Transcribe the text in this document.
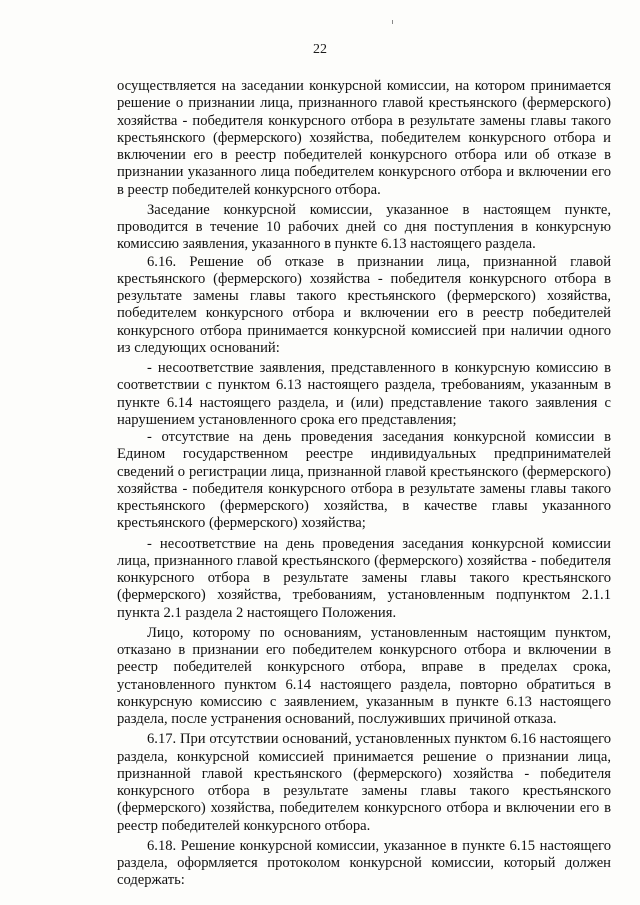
22

осуществляется на заседании конкурсной комиссии, на котором принимается решение о признании лица, признанного главой крестьянского (фермерского) хозяйства - победителя конкурсного отбора в результате замены главы такого крестьянского (фермерского) хозяйства, победителем конкурсного отбора и включении его в реестр победителей конкурсного отбора или об отказе в признании указанного лица победителем конкурсного отбора и включении его в реестр победителей конкурсного отбора.

Заседание конкурсной комиссии, указанное в настоящем пункте, проводится в течение 10 рабочих дней со дня поступления в конкурсную комиссию заявления, указанного в пункте 6.13 настоящего раздела.

6.16. Решение об отказе в признании лица, признанной главой крестьянского (фермерского) хозяйства - победителя конкурсного отбора в результате замены главы такого крестьянского (фермерского) хозяйства, победителем конкурсного отбора и включении его в реестр победителей конкурсного отбора принимается конкурсной комиссией при наличии одного из следующих оснований:

- несоответствие заявления, представленного в конкурсную комиссию в соответствии с пунктом 6.13 настоящего раздела, требованиям, указанным в пункте 6.14 настоящего раздела, и (или) представление такого заявления с нарушением установленного срока его представления;

- отсутствие на день проведения заседания конкурсной комиссии в Едином государственном реестре индивидуальных предпринимателей сведений о регистрации лица, признанной главой крестьянского (фермерского) хозяйства - победителя конкурсного отбора в результате замены главы такого крестьянского (фермерского) хозяйства, в качестве главы указанного крестьянского (фермерского) хозяйства;

- несоответствие на день проведения заседания конкурсной комиссии лица, признанного главой крестьянского (фермерского) хозяйства - победителя конкурсного отбора в результате замены главы такого крестьянского (фермерского) хозяйства, требованиям, установленным подпунктом 2.1.1 пункта 2.1 раздела 2 настоящего Положения.

Лицо, которому по основаниям, установленным настоящим пунктом, отказано в признании его победителем конкурсного отбора и включении в реестр победителей конкурсного отбора, вправе в пределах срока, установленного пунктом 6.14 настоящего раздела, повторно обратиться в конкурсную комиссию с заявлением, указанным в пункте 6.13 настоящего раздела, после устранения оснований, послуживших причиной отказа.

6.17. При отсутствии оснований, установленных пунктом 6.16 настоящего раздела, конкурсной комиссией принимается решение о признании лица, признанной главой крестьянского (фермерского) хозяйства - победителя конкурсного отбора в результате замены главы такого крестьянского (фермерского) хозяйства, победителем конкурсного отбора и включении его в реестр победителей конкурсного отбора.

6.18. Решение конкурсной комиссии, указанное в пункте 6.15 настоящего раздела, оформляется протоколом конкурсной комиссии, который должен содержать:
